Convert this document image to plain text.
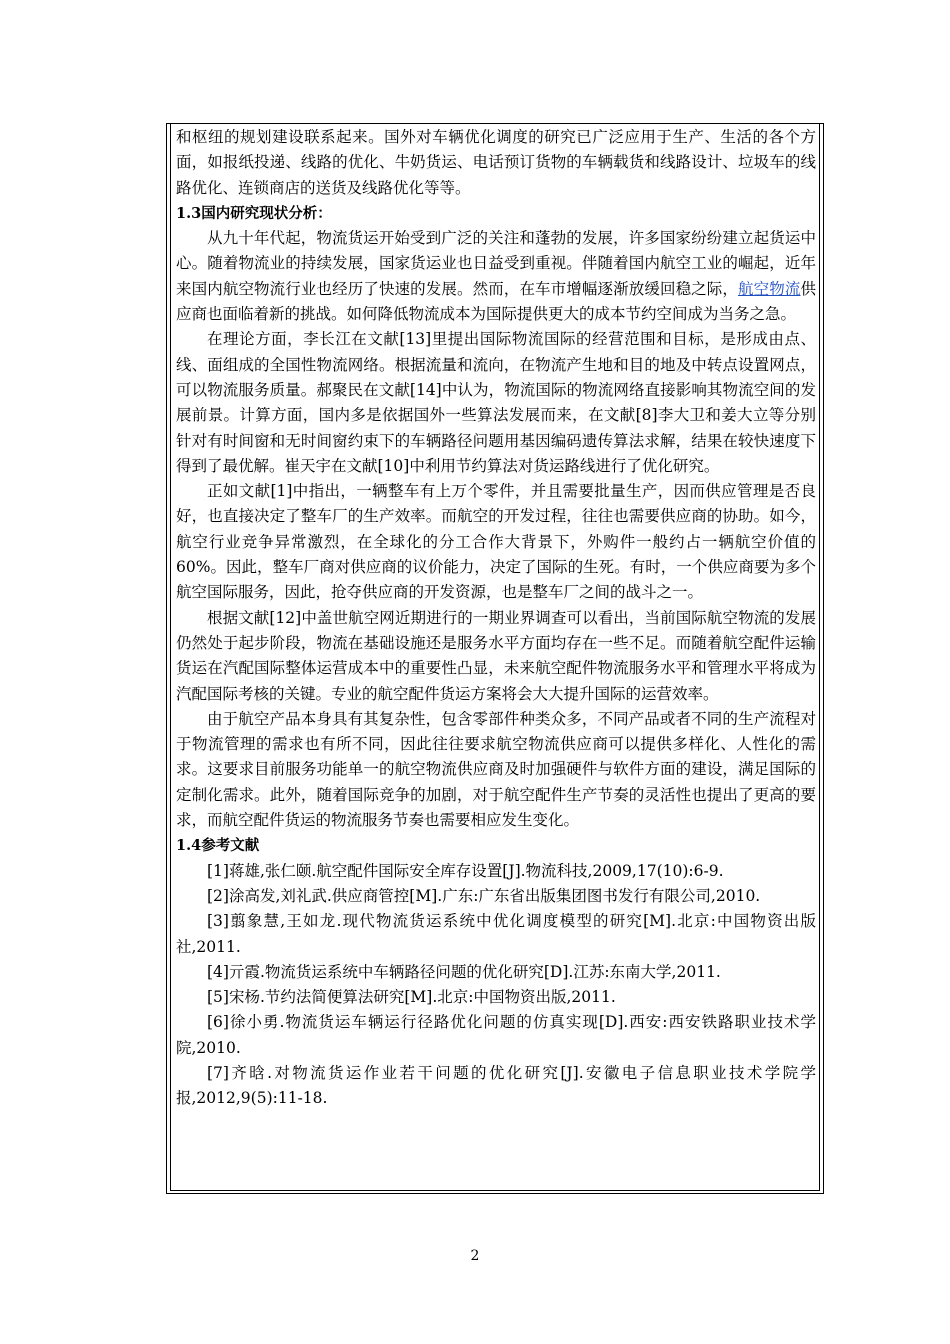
和枢纽的规划建设联系起来。国外对车辆优化调度的研究已广泛应用于生产、生活的各个方面，如报纸投递、线路的优化、牛奶货运、电话预订货物的车辆载货和线路设计、垃圾车的线路优化、连锁商店的送货及线路优化等等。

1.3国内研究现状分析：

从九十年代起，物流货运开始受到广泛的关注和蓬勃的发展，许多国家纷纷建立起货运中心。随着物流业的持续发展，国家货运业也日益受到重视。伴随着国内航空工业的崛起，近年来国内航空物流行业也经历了快速的发展。然而，在车市增幅逐渐放缓回稳之际，航空物流供应商也面临着新的挑战。如何降低物流成本为国际提供更大的成本节约空间成为当务之急。

在理论方面，李长江在文献[13]里提出国际物流国际的经营范围和目标，是形成由点、线、面组成的全国性物流网络。根据流量和流向，在物流产生地和目的地及中转点设置网点，可以物流服务质量。郝聚民在文献[14]中认为，物流国际的物流网络直接影响其物流空间的发展前景。计算方面，国内多是依据国外一些算法发展而来，在文献[8]李大卫和姜大立等分别针对有时间窗和无时间窗约束下的车辆路径问题用基因编码遗传算法求解，结果在较快速度下得到了最优解。崔天宇在文献[10]中利用节约算法对货运路线进行了优化研究。

正如文献[1]中指出，一辆整车有上万个零件，并且需要批量生产，因而供应管理是否良好，也直接决定了整车厂的生产效率。而航空的开发过程，往往也需要供应商的协助。如今，航空行业竞争异常激烈，在全球化的分工合作大背景下，外购件一般约占一辆航空价值的 60%。因此，整车厂商对供应商的议价能力，决定了国际的生死。有时，一个供应商要为多个航空国际服务，因此，抢夺供应商的开发资源，也是整车厂之间的战斗之一。

根据文献[12]中盖世航空网近期进行的一期业界调查可以看出，当前国际航空物流的发展仍然处于起步阶段，物流在基础设施还是服务水平方面均存在一些不足。而随着航空配件运输货运在汽配国际整体运营成本中的重要性凸显，未来航空配件物流服务水平和管理水平将成为汽配国际考核的关键。专业的航空配件货运方案将会大大提升国际的运营效率。

由于航空产品本身具有其复杂性，包含零部件种类众多，不同产品或者不同的生产流程对于物流管理的需求也有所不同，因此往往要求航空物流供应商可以提供多样化、人性化的需求。这要求目前服务功能单一的航空物流供应商及时加强硬件与软件方面的建设，满足国际的定制化需求。此外，随着国际竞争的加剧，对于航空配件生产节奏的灵活性也提出了更高的要求，而航空配件货运的物流服务节奏也需要相应发生变化。

1.4参考文献

[1]蒋雄,张仁颐.航空配件国际安全库存设置[J].物流科技,2009,17(10):6-9.

[2]涂高发,刘礼武.供应商管控[M].广东:广东省出版集团图书发行有限公司,2010.

[3]翦象慧,王如龙.现代物流货运系统中优化调度模型的研究[M].北京:中国物资出版社,2011.

[4]亓霞.物流货运系统中车辆路径问题的优化研究[D].江苏:东南大学,2011.

[5]宋杨.节约法简便算法研究[M].北京:中国物资出版,2011.

[6]徐小勇.物流货运车辆运行径路优化问题的仿真实现[D].西安:西安铁路职业技术学院,2010.

[7]齐晗.对物流货运作业若干问题的优化研究[J].安徽电子信息职业技术学院学报,2012,9(5):11-18.

2
